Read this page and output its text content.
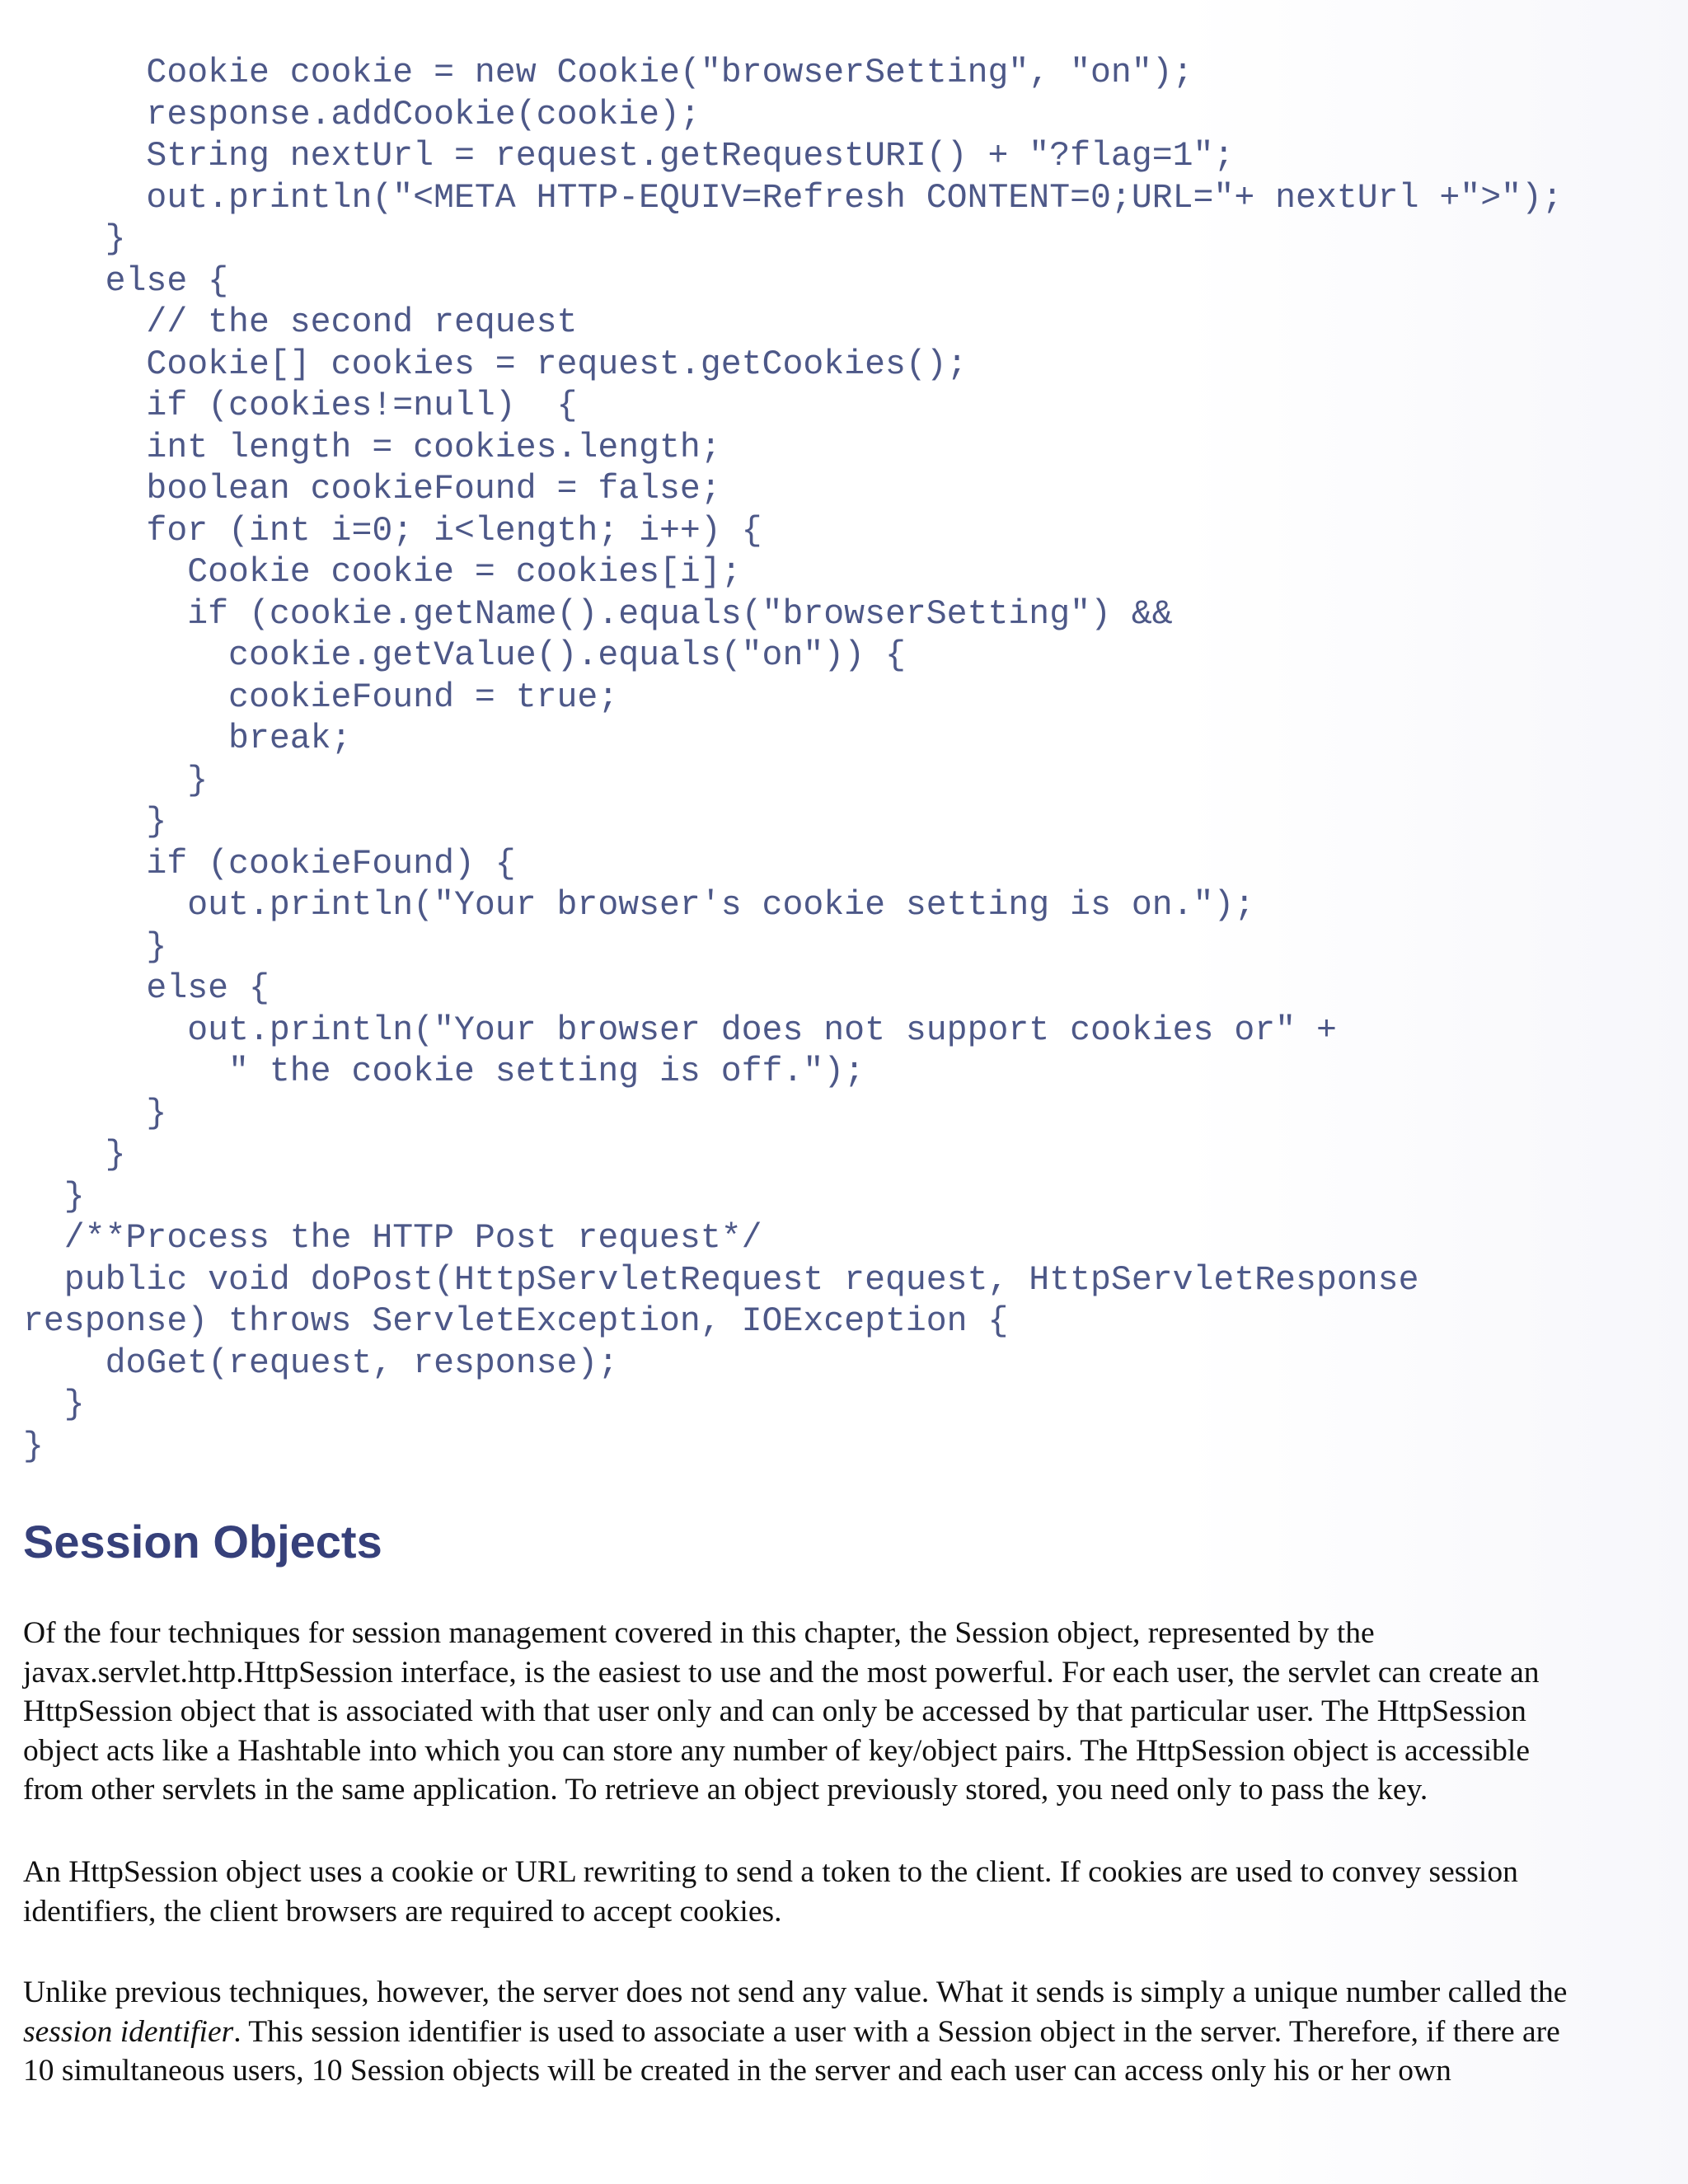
Cookie cookie = new Cookie("browserSetting", "on");
response.addCookie(cookie);
String nextUrl = request.getRequestURI() + "?flag=1";
out.println("<META HTTP-EQUIV=Refresh CONTENT=0;URL="+ nextUrl +">");
}
else {
// the second request
Cookie[] cookies = request.getCookies();
if (cookies!=null)  {
int length = cookies.length;
boolean cookieFound = false;
for (int i=0; i<length; i++) {
Cookie cookie = cookies[i];
if (cookie.getName().equals("browserSetting") &&
cookie.getValue().equals("on")) {
cookieFound = true;
break;
}
}
if (cookieFound) {
out.println("Your browser's cookie setting is on.");
}
else {
out.println("Your browser does not support cookies or" +
" the cookie setting is off.");
}
}
}
/**Process the HTTP Post request*/
public void doPost(HttpServletRequest request, HttpServletResponse
response) throws ServletException, IOException {
doGet(request, response);
}
}
Session Objects

Of the four techniques for session management covered in this chapter, the Session object, represented by the
javax.servlet.http.HttpSession interface, is the easiest to use and the most powerful. For each user, the servlet can create an
HttpSession object that is associated with that user only and can only be accessed by that particular user. The HttpSession
object acts like a Hashtable into which you can store any number of key/object pairs. The HttpSession object is accessible
from other servlets in the same application. To retrieve an object previously stored, you need only to pass the key.

An HttpSession object uses a cookie or URL rewriting to send a token to the client. If cookies are used to convey session
identifiers, the client browsers are required to accept cookies.

Unlike previous techniques, however, the server does not send any value. What it sends is simply a unique number called the
session identifier. This session identifier is used to associate a user with a Session object in the server. Therefore, if there are
10 simultaneous users, 10 Session objects will be created in the server and each user can access only his or her own
